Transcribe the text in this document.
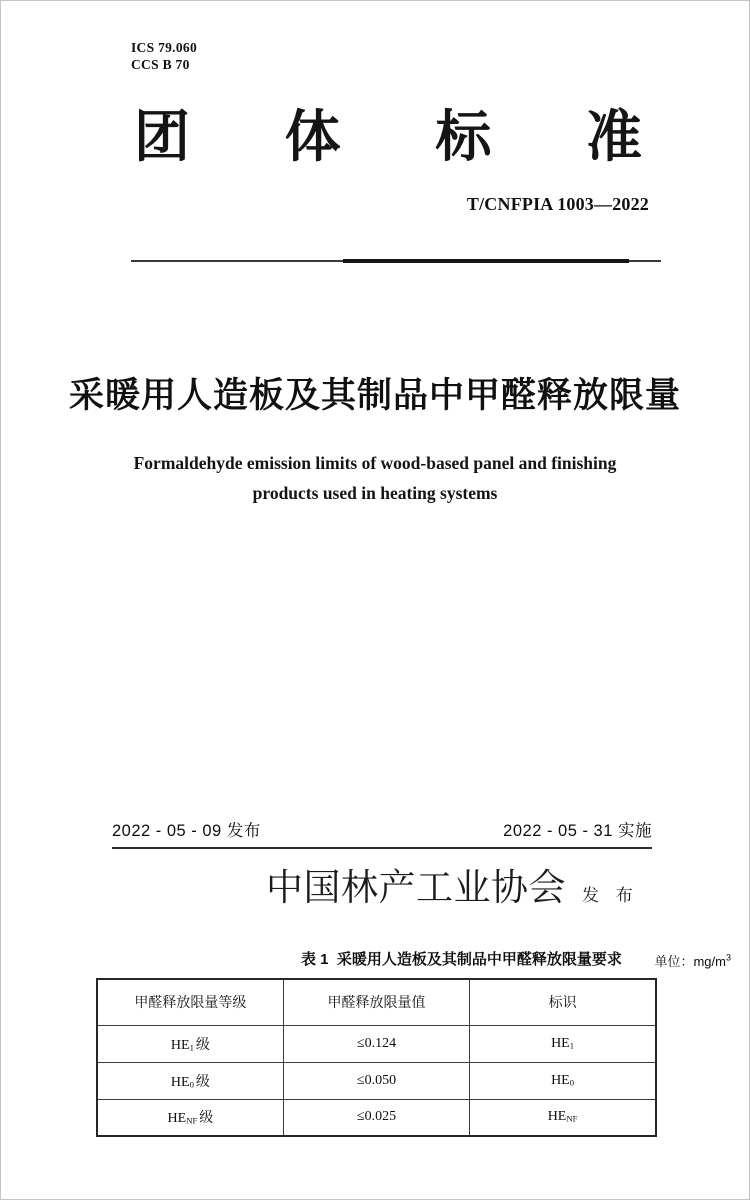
ICS 79.060
CCS B 70
团 体 标 准
T/CNFPIA 1003—2022
采暖用人造板及其制品中甲醛释放限量
Formaldehyde emission limits of wood-based panel and finishing
products used in heating systems
2022 - 05 - 09 发布	2022 - 05 - 31 实施
中国林产工业协会 发 布
表 1  采暖用人造板及其制品中甲醛释放限量要求	单位：$mg/m^3$
甲醛释放限量等级	甲醛释放限量值	标识
$HE_1$ 级	≤0.124	$HE_1$
$HE_0$ 级	≤0.050	$HE_0$
$HE_{NF}$ 级	≤0.025	$HE_{NF}$
